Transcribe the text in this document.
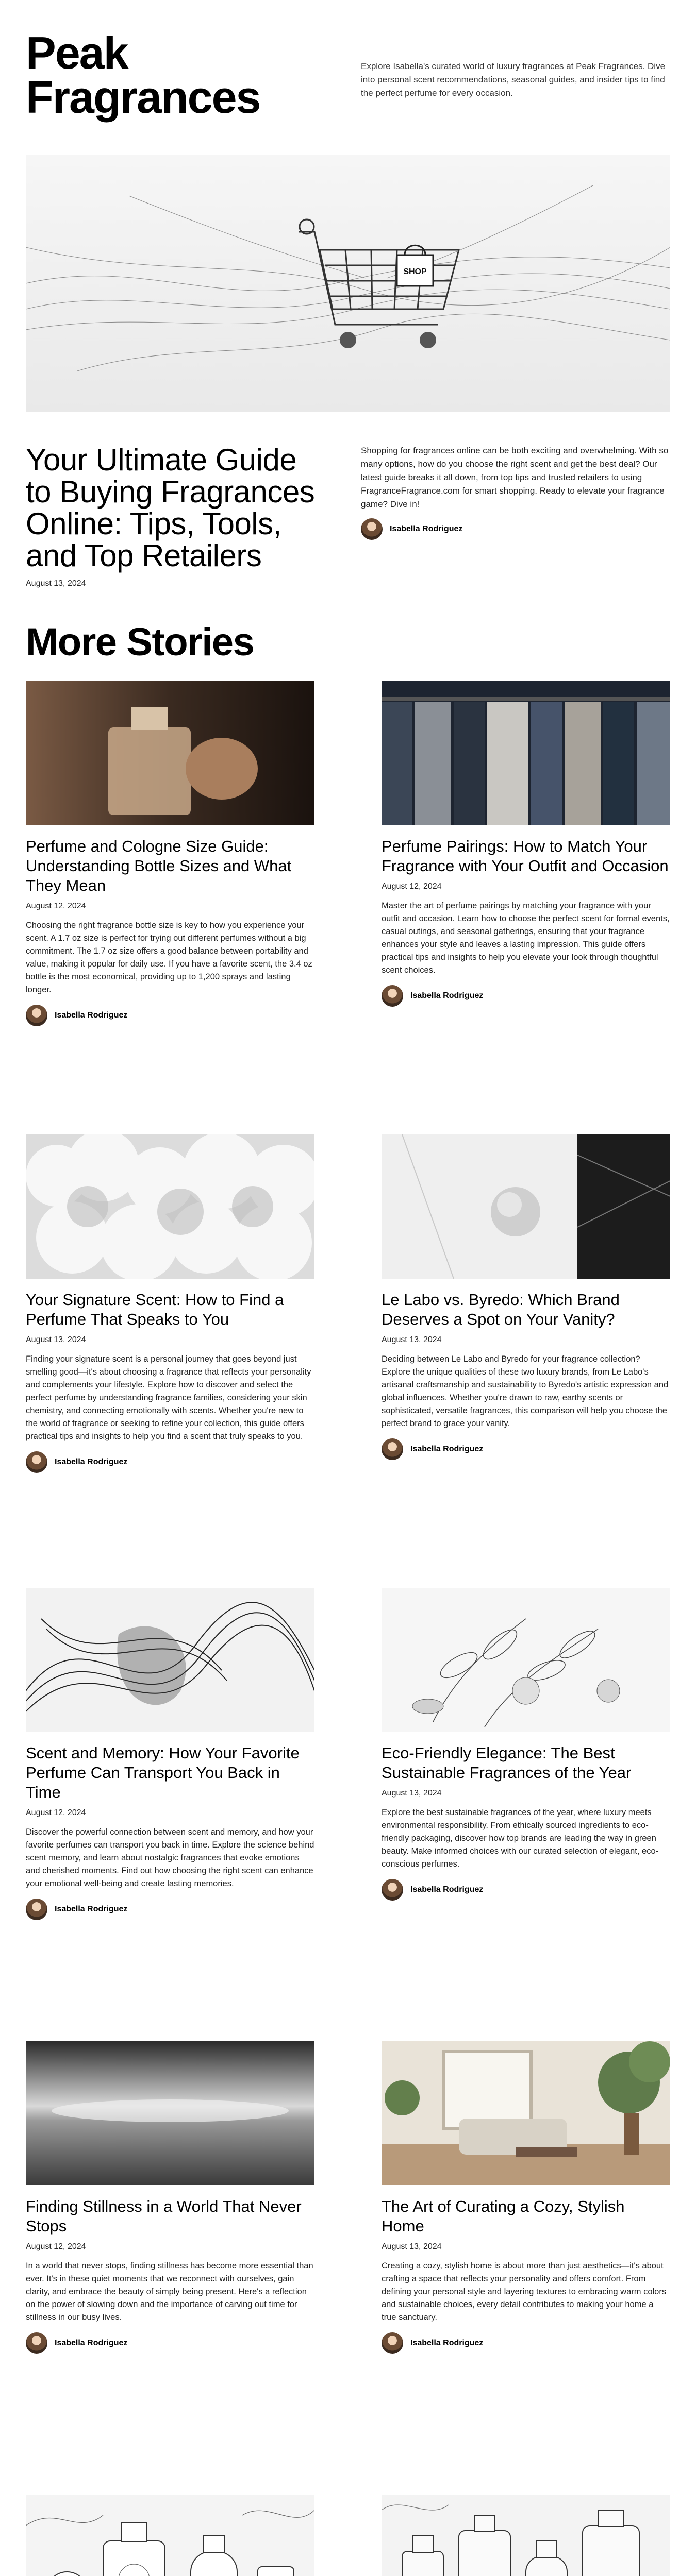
Peak Fragrances

Explore Isabella's curated world of luxury fragrances at Peak Fragrances. Dive into personal scent recommendations, seasonal guides, and insider tips to find the perfect perfume for every occasion.

SHOP
Your Ultimate Guide to Buying Fragrances Online: Tips, Tools, and Top Retailers
August 13, 2024

Shopping for fragrances online can be both exciting and overwhelming. With so many options, how do you choose the right scent and get the best deal? Our latest guide breaks it all down, from top tips and trusted retailers to using FragranceFragrance.com for smart shopping. Ready to elevate your fragrance game? Dive in!

Isabella Rodriguez
More Stories
Perfume and Cologne Size Guide: Understanding Bottle Sizes and What They Mean
August 12, 2024

Choosing the right fragrance bottle size is key to how you experience your scent. A 1.7 oz size is perfect for trying out different perfumes without a big commitment. The 1.7 oz size offers a good balance between portability and value, making it popular for daily use. If you have a favorite scent, the 3.4 oz bottle is the most economical, providing up to 1,200 sprays and lasting longer.

Isabella Rodriguez
Perfume Pairings: How to Match Your Fragrance with Your Outfit and Occasion
August 12, 2024

Master the art of perfume pairings by matching your fragrance with your outfit and occasion. Learn how to choose the perfect scent for formal events, casual outings, and seasonal gatherings, ensuring that your fragrance enhances your style and leaves a lasting impression. This guide offers practical tips and insights to help you elevate your look through thoughtful scent choices.

Isabella Rodriguez
Your Signature Scent: How to Find a Perfume That Speaks to You
August 13, 2024

Finding your signature scent is a personal journey that goes beyond just smelling good—it's about choosing a fragrance that reflects your personality and complements your lifestyle. Explore how to discover and select the perfect perfume by understanding fragrance families, considering your skin chemistry, and connecting emotionally with scents. Whether you're new to the world of fragrance or seeking to refine your collection, this guide offers practical tips and insights to help you find a scent that truly speaks to you.

Isabella Rodriguez
Le Labo vs. Byredo: Which Brand Deserves a Spot on Your Vanity?
August 13, 2024

Deciding between Le Labo and Byredo for your fragrance collection? Explore the unique qualities of these two luxury brands, from Le Labo's artisanal craftsmanship and sustainability to Byredo's artistic expression and global influences. Whether you're drawn to raw, earthy scents or sophisticated, versatile fragrances, this comparison will help you choose the perfect brand to grace your vanity.

Isabella Rodriguez
Scent and Memory: How Your Favorite Perfume Can Transport You Back in Time
August 12, 2024

Discover the powerful connection between scent and memory, and how your favorite perfumes can transport you back in time. Explore the science behind scent memory, and learn about nostalgic fragrances that evoke emotions and cherished moments. Find out how choosing the right scent can enhance your emotional well-being and create lasting memories.

Isabella Rodriguez
Eco-Friendly Elegance: The Best Sustainable Fragrances of the Year
August 13, 2024

Explore the best sustainable fragrances of the year, where luxury meets environmental responsibility. From ethically sourced ingredients to eco-friendly packaging, discover how top brands are leading the way in green beauty. Make informed choices with our curated selection of elegant, eco-conscious perfumes.

Isabella Rodriguez
Finding Stillness in a World That Never Stops
August 12, 2024

In a world that never stops, finding stillness has become more essential than ever. It's in these quiet moments that we reconnect with ourselves, gain clarity, and embrace the beauty of simply being present. Here's a reflection on the power of slowing down and the importance of carving out time for stillness in our busy lives.

Isabella Rodriguez
The Art of Curating a Cozy, Stylish Home
August 13, 2024

Creating a cozy, stylish home is about more than just aesthetics—it's about crafting a space that reflects your personality and offers comfort. From defining your personal style and layering textures to embracing warm colors and sustainable choices, every detail contributes to making your home a true sanctuary.

Isabella Rodriguez
